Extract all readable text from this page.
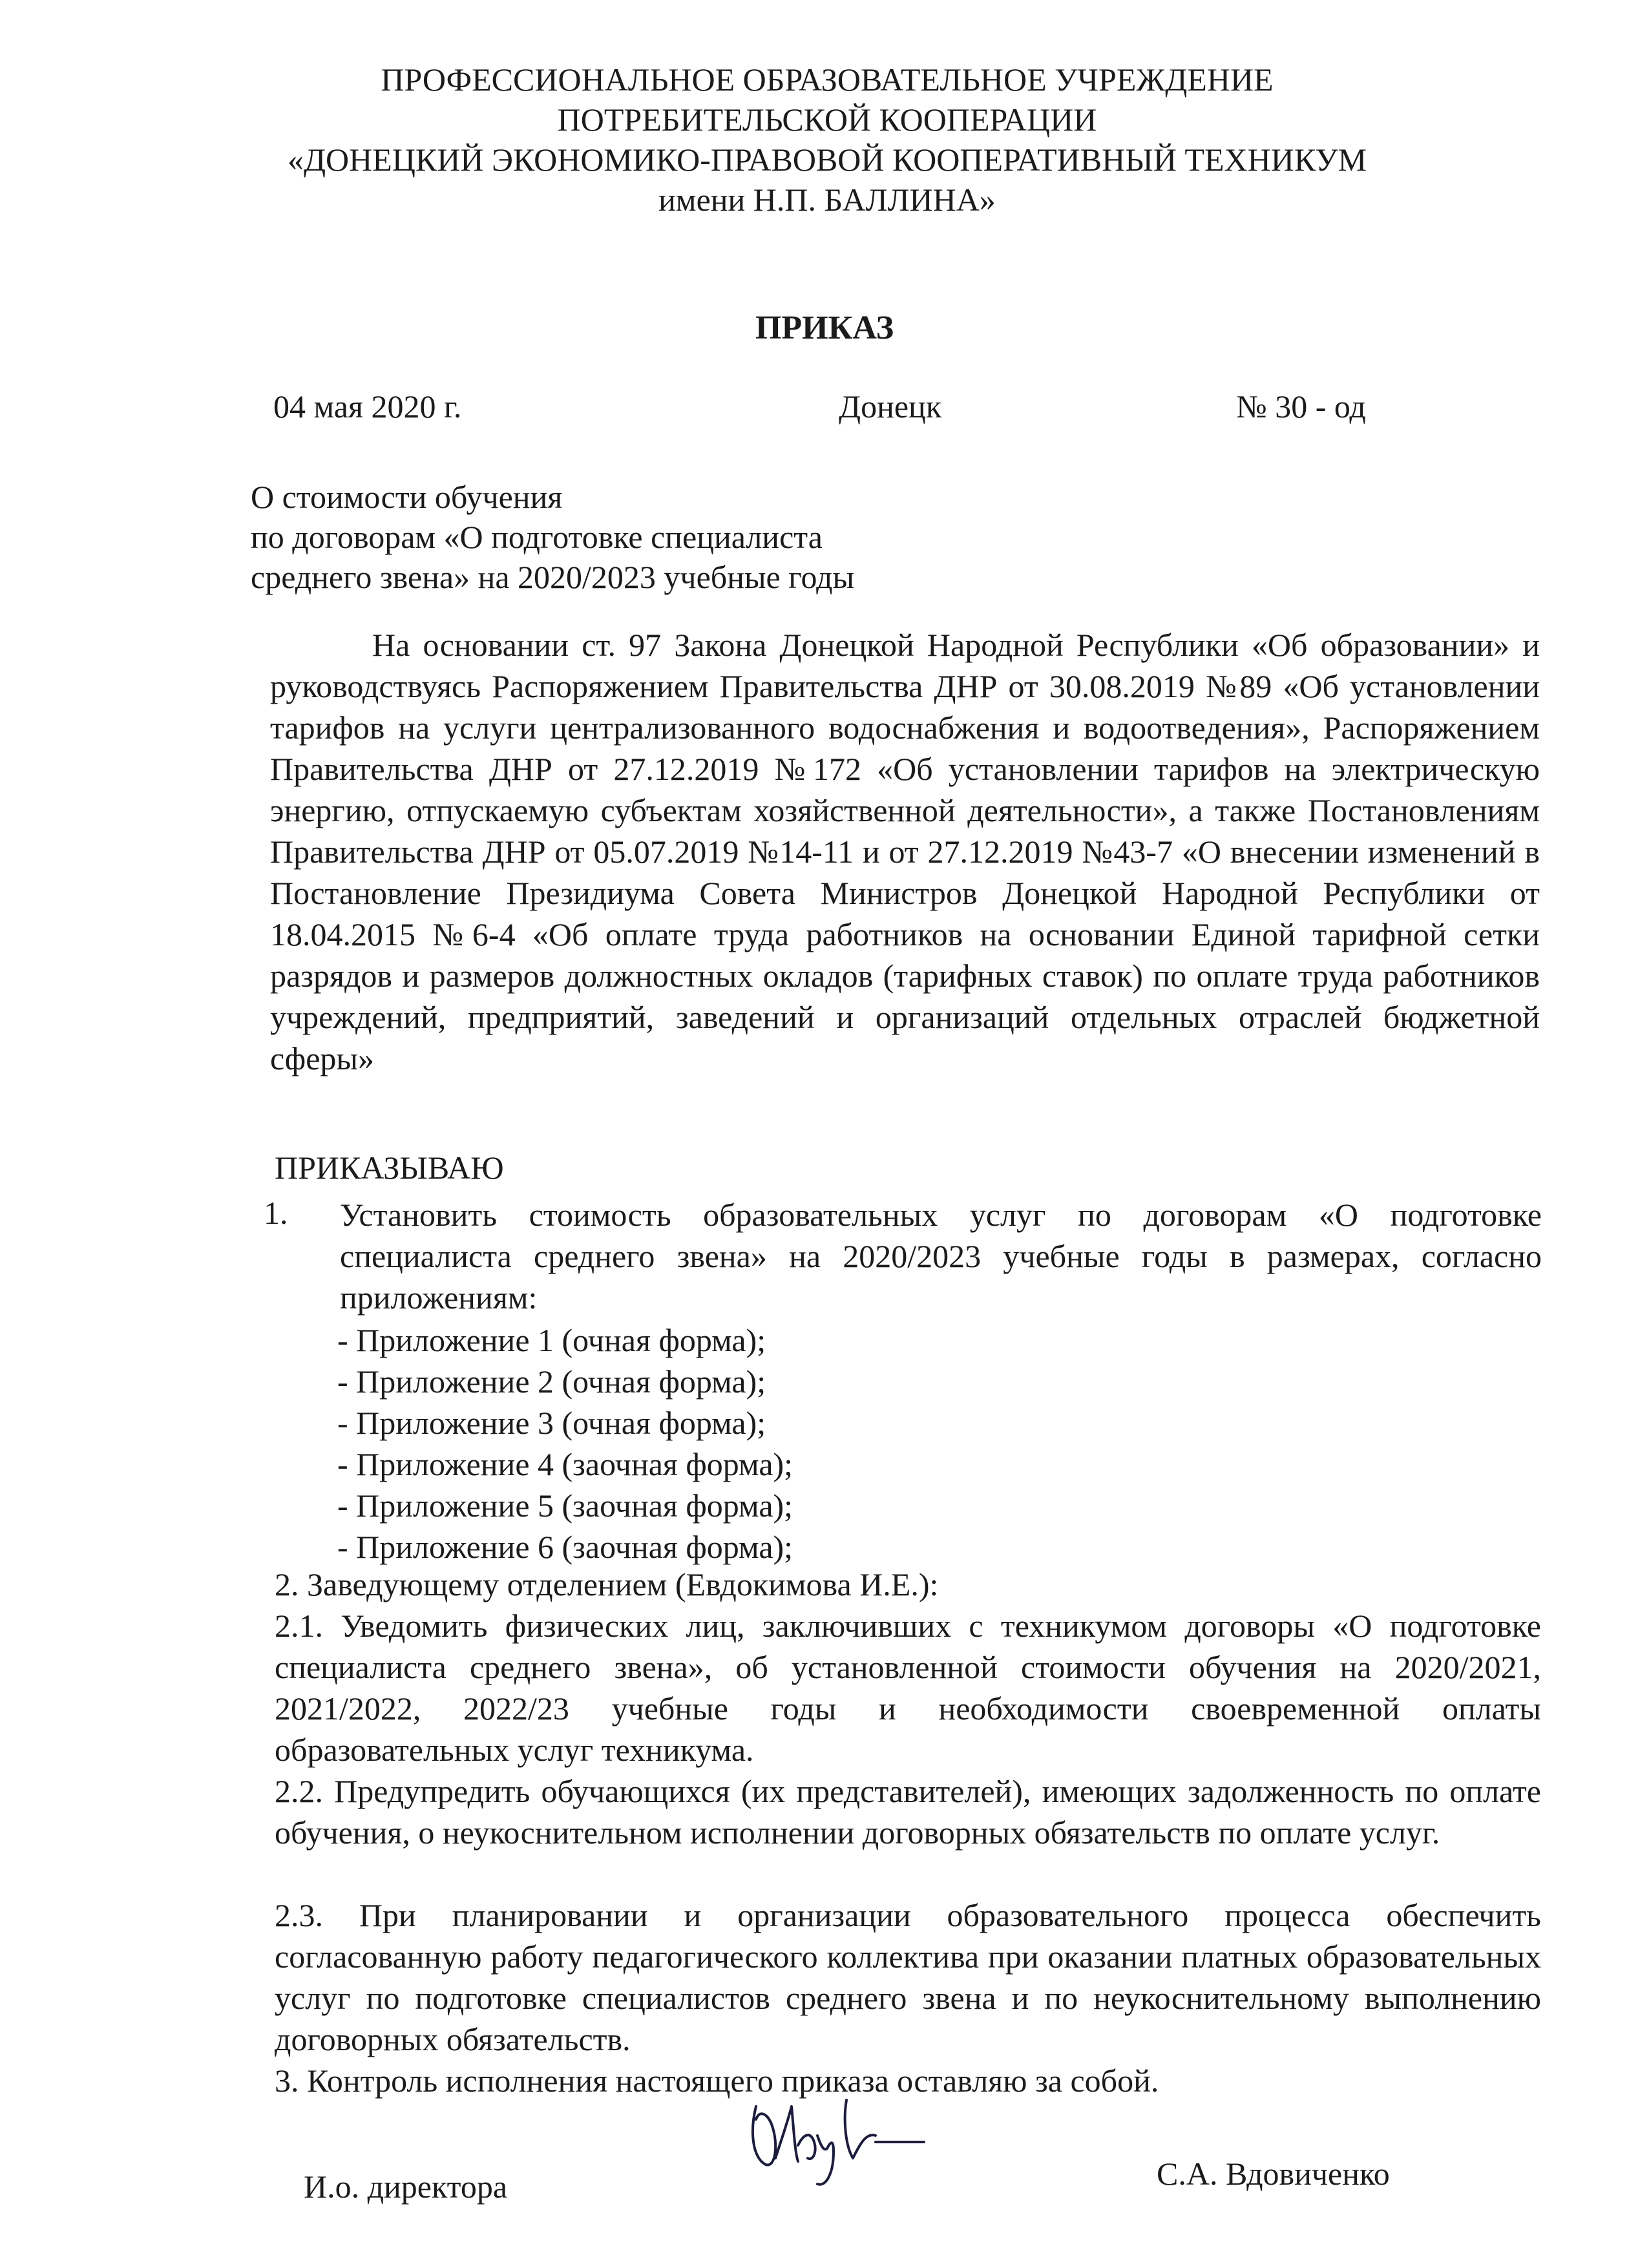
ПРОФЕССИОНАЛЬНОЕ ОБРАЗОВАТЕЛЬНОЕ УЧРЕЖДЕНИЕ
ПОТРЕБИТЕЛЬСКОЙ КООПЕРАЦИИ
«ДОНЕЦКИЙ ЭКОНОМИКО-ПРАВОВОЙ КООПЕРАТИВНЫЙ ТЕХНИКУМ
имени Н.П. БАЛЛИНА»
ПРИКАЗ
04 мая 2020 г.	Донецк	№ 30 - од
О стоимости обучения
по договорам «О подготовке специалиста
среднего звена» на 2020/2023 учебные годы
На основании ст. 97 Закона Донецкой Народной Республики «Об образовании» и руководствуясь Распоряжением Правительства ДНР от 30.08.2019 №89 «Об установлении тарифов на услуги централизованного водоснабжения и водоотведения», Распоряжением Правительства ДНР от 27.12.2019 №172 «Об установлении тарифов на электрическую энергию, отпускаемую субъектам хозяйственной деятельности», а также Постановлениям Правительства ДНР от 05.07.2019 №14-11 и от 27.12.2019 №43-7 «О внесении изменений в Постановление Президиума Совета Министров Донецкой Народной Республики от 18.04.2015 №6-4 «Об оплате труда работников на основании Единой тарифной сетки разрядов и размеров должностных окладов (тарифных ставок) по оплате труда работников учреждений, предприятий, заведений и организаций отдельных отраслей бюджетной сферы»
ПРИКАЗЫВАЮ
1. Установить стоимость образовательных услуг по договорам «О подготовке специалиста среднего звена» на 2020/2023 учебные годы в размерах, согласно приложениям:
- Приложение 1 (очная форма);
- Приложение 2 (очная форма);
- Приложение 3 (очная форма);
- Приложение 4 (заочная форма);
- Приложение 5 (заочная форма);
- Приложение 6 (заочная форма);
2. Заведующему отделением (Евдокимова И.Е.):
2.1. Уведомить физических лиц, заключивших с техникумом договоры «О подготовке специалиста среднего звена», об установленной стоимости обучения на 2020/2021, 2021/2022, 2022/23 учебные годы и необходимости своевременной оплаты образовательных услуг техникума.
2.2. Предупредить обучающихся (их представителей), имеющих задолженность по оплате обучения, о неукоснительном исполнении договорных обязательств по оплате услуг.
2.3. При планировании и организации образовательного процесса обеспечить согласованную работу педагогического коллектива при оказании платных образовательных услуг по подготовке специалистов среднего звена и по неукоснительному выполнению договорных обязательств.
3. Контроль исполнения настоящего приказа оставляю за собой.
И.о. директора	С.А. Вдовиченко
